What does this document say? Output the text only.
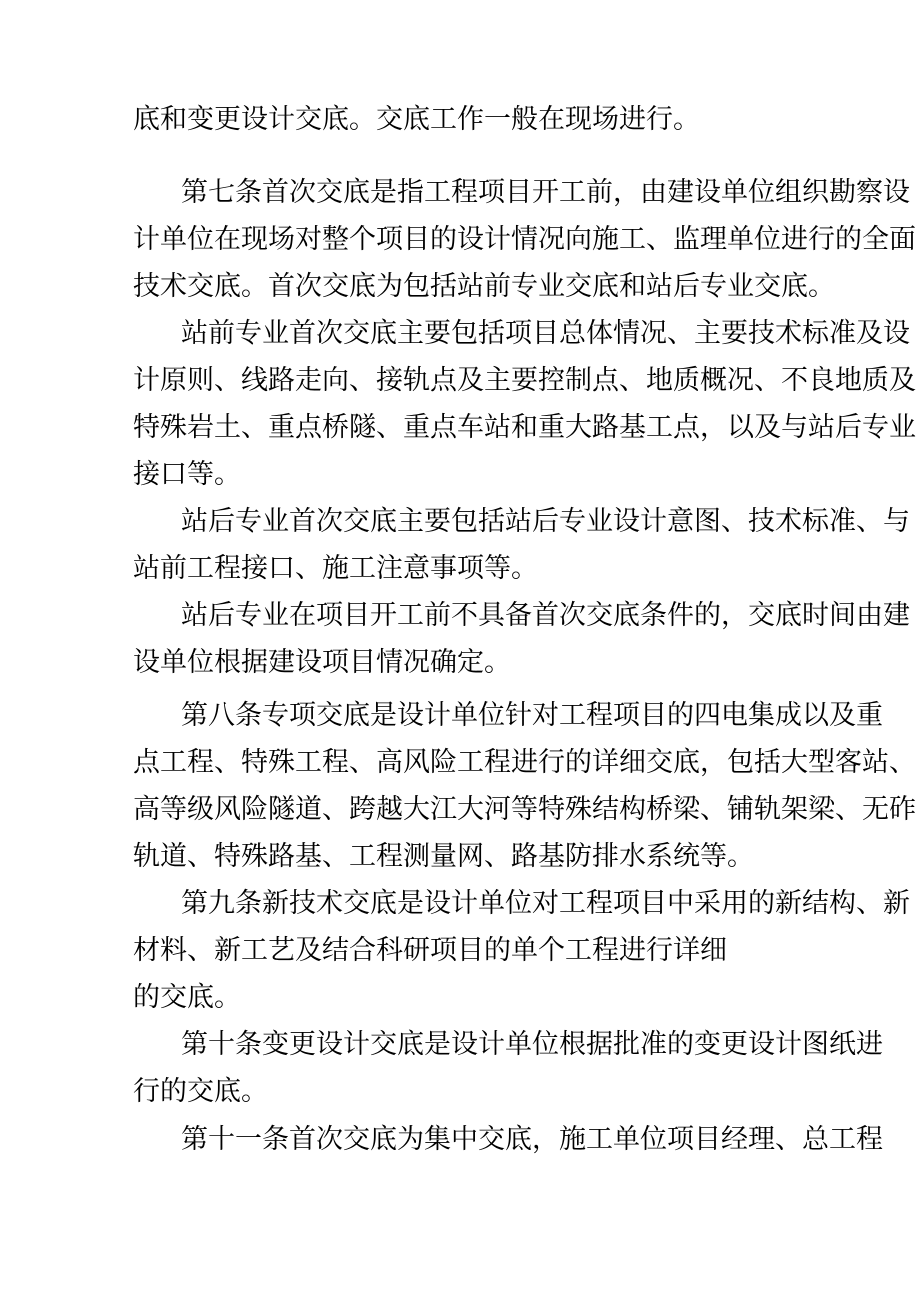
底和变更设计交底。交底工作一般在现场进行。
第七条首次交底是指工程项目开工前，由建设单位组织勘察设
计单位在现场对整个项目的设计情况向施工、监理单位进行的全面
技术交底。首次交底为包括站前专业交底和站后专业交底。
站前专业首次交底主要包括项目总体情况、主要技术标准及设
计原则、线路走向、接轨点及主要控制点、地质概况、不良地质及
特殊岩土、重点桥隧、重点车站和重大路基工点，以及与站后专业
接口等。
站后专业首次交底主要包括站后专业设计意图、技术标准、与
站前工程接口、施工注意事项等。
站后专业在项目开工前不具备首次交底条件的，交底时间由建
设单位根据建设项目情况确定。
第八条专项交底是设计单位针对工程项目的四电集成以及重
点工程、特殊工程、高风险工程进行的详细交底，包括大型客站、
高等级风险隧道、跨越大江大河等特殊结构桥梁、铺轨架梁、无砟
轨道、特殊路基、工程测量网、路基防排水系统等。
第九条新技术交底是设计单位对工程项目中采用的新结构、新
材料、新工艺及结合科研项目的单个工程进行详细
的交底。
第十条变更设计交底是设计单位根据批准的变更设计图纸进
行的交底。
第十一条首次交底为集中交底，施工单位项目经理、总工程
